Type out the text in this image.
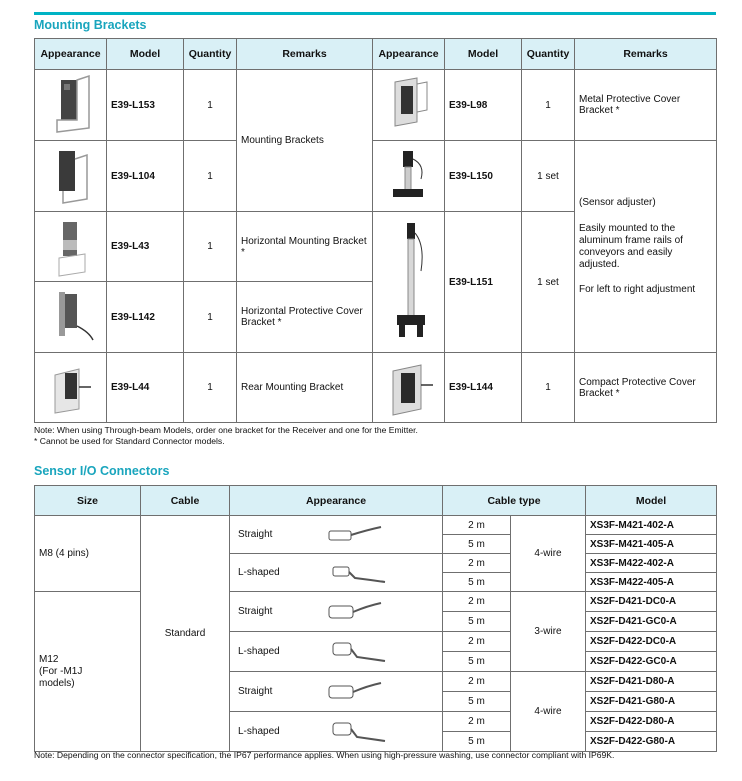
Mounting Brackets
Appearance	Model	Quantity	Remarks	Appearance	Model	Quantity	Remarks

	E39-L153	1	Mounting Brackets		E39-L98	1	Metal Protective Cover Bracket *

	E39-L104	1			E39-L150	1 set	(Sensor adjuster)
Easily mounted to the aluminum frame rails of conveyors and easily adjusted.
For left to right adjustment

	E39-L43	1	Horizontal Mounting Bracket *		E39-L151	1 set	

	E39-L142	1	Horizontal Protective Cover Bracket *				

	E39-L44	1	Rear Mounting Bracket		E39-L144	1	Compact Protective Cover Bracket *
Note: When using Through-beam Models, order one bracket for the Receiver and one for the Emitter.
* Cannot be used for Standard Connector models.
Sensor I/O Connectors
Size	Cable	Appearance	Cable type		Model
M8 (4 pins)	Standard	Straight	2 m	4-wire	XS3F-M421-402-A
			5 m		XS3F-M421-405-A

		L-shaped	2 m		XS3F-M422-402-A
			5 m		XS3F-M422-405-A
M12
(For -M1J
models)		Straight	2 m	3-wire	XS2F-D421-DC0-A
			5 m		XS2F-D421-GC0-A

		L-shaped	2 m		XS2F-D422-DC0-A
			5 m		XS2F-D422-GC0-A

		Straight	2 m	4-wire	XS2F-D421-D80-A
			5 m		XS2F-D421-G80-A

		L-shaped	2 m		XS2F-D422-D80-A
			5 m		XS2F-D422-G80-A
Note: Depending on the connector specification, the IP67 performance applies. When using high-pressure washing, use connector compliant with IP69K.
